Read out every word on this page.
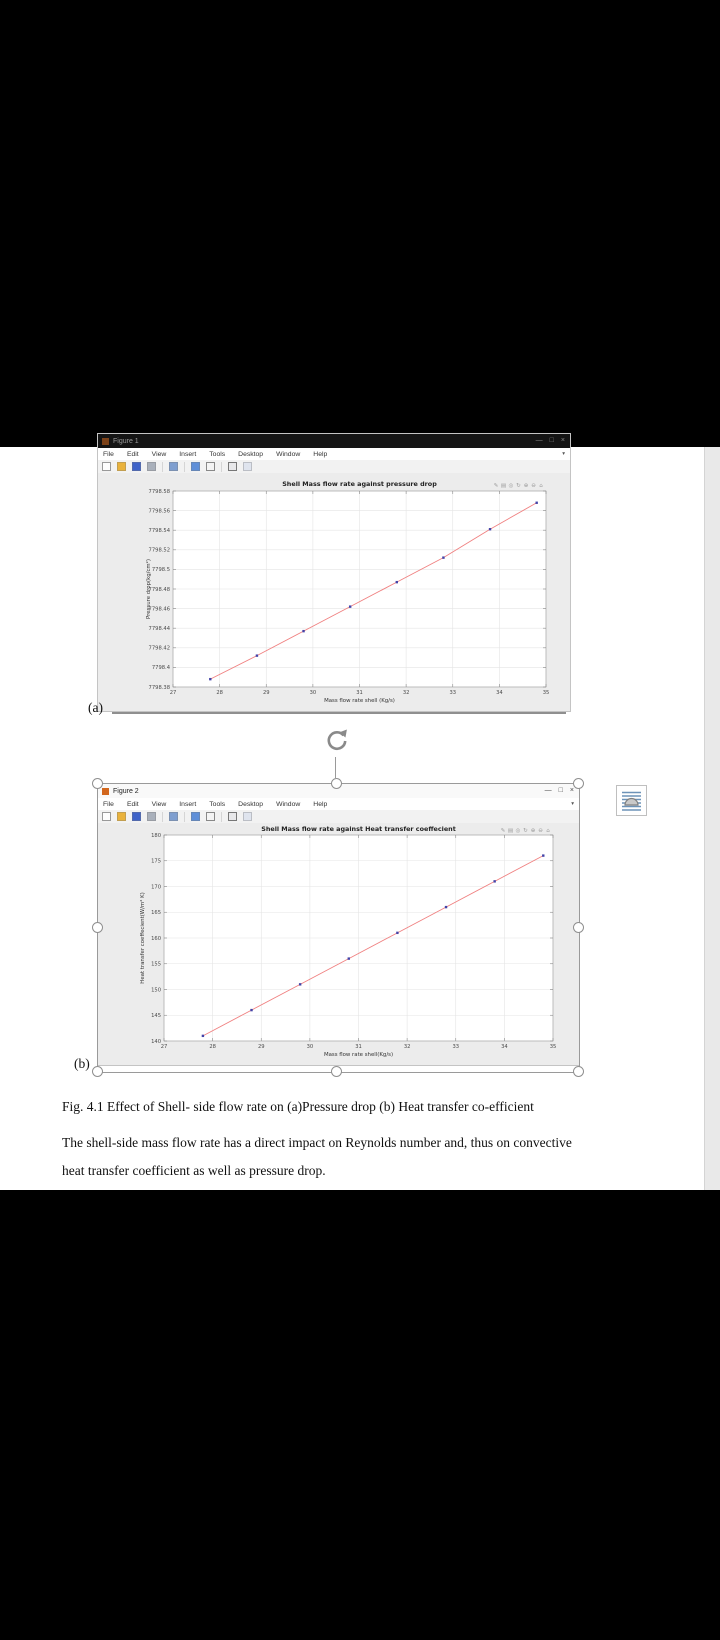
Figure 1	— □ ×
File Edit View Insert Tools Desktop Window Help	▾
27	28	29	30	31	32	33	34	35
7798.38
7798.4
7798.42
7798.44
7798.46
7798.48
7798.5
7798.52
7798.54
7798.56
7798.58
Shell Mass flow rate against pressure drop
Mass flow rate shell (Kg/s)
Pressure drop(kg/cm²)
✎ ▤ ◎ ↻ ⊕ ⊖ ⌂
Figure 2	— □ ×
File Edit View Insert Tools Desktop Window Help	▾
27	28	29	30	31	32	33	34	35
140
145
150
155
160
165
170
175
180
Shell Mass flow rate against Heat transfer coeffecient
Mass flow rate shell(Kg/s)
Heat transfer coeffecient(W/m² K)
✎ ▤ ◎ ↻ ⊕ ⊖ ⌂
(a)
(b)
Fig. 4.1 Effect of Shell- side flow rate on (a)Pressure drop (b) Heat transfer co-efficient
The shell-side mass flow rate has a direct impact on Reynolds number and, thus on convective
heat transfer coefficient as well as pressure drop.
